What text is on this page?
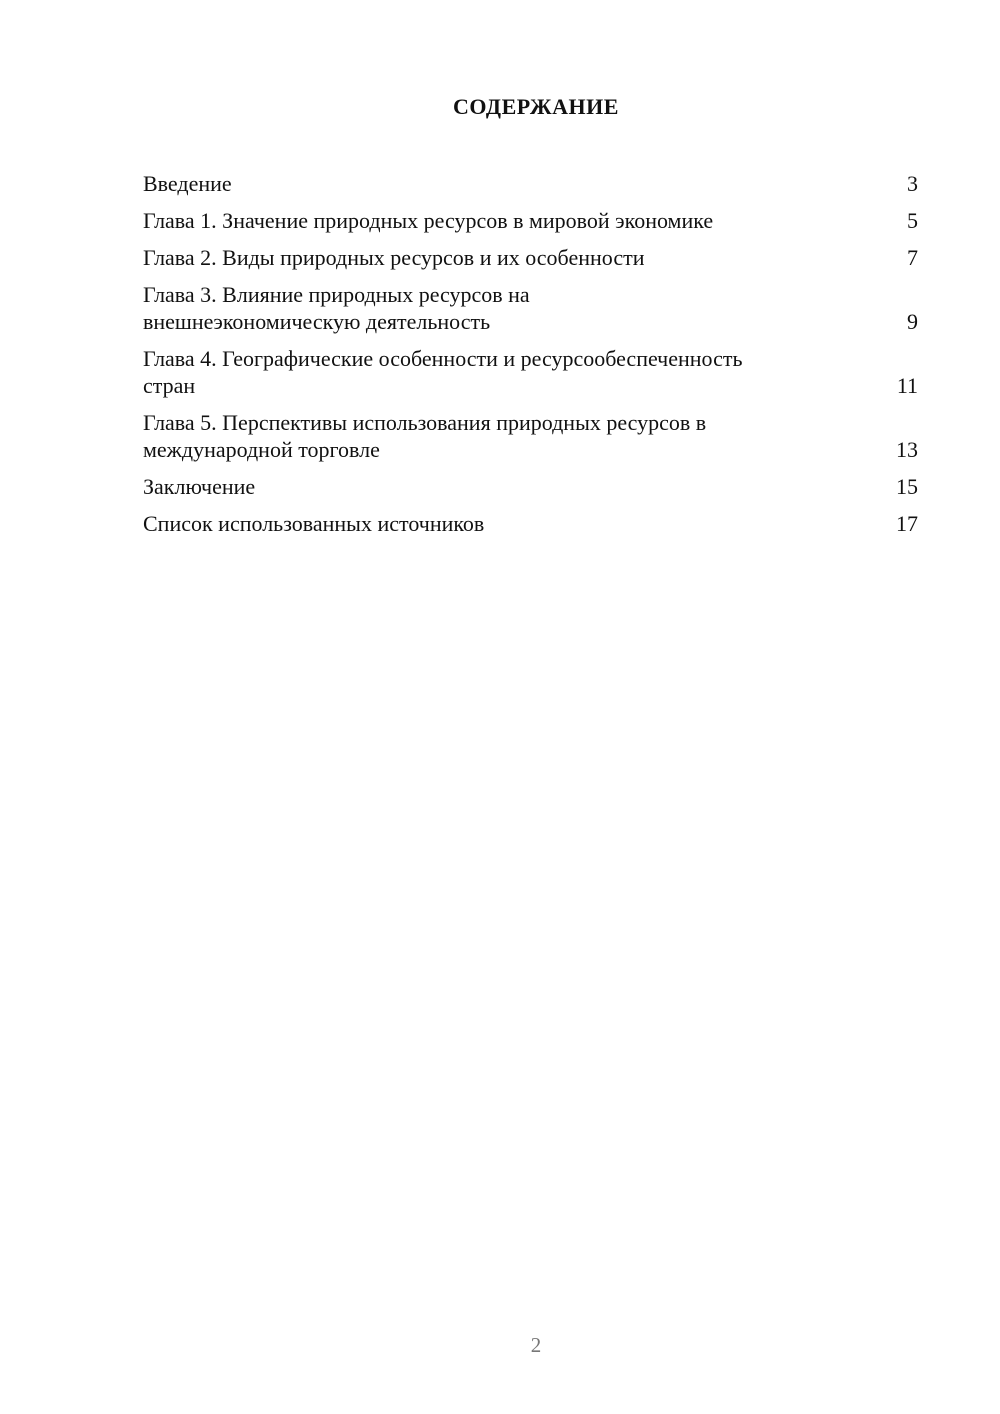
СОДЕРЖАНИЕ
Введение	3
Глава 1. Значение природных ресурсов в мировой экономике	5
Глава 2. Виды природных ресурсов и их особенности	7
Глава 3. Влияние природных ресурсов на
внешнеэкономическую деятельность	9
Глава 4. Географические особенности и ресурсообеспеченность
стран	11
Глава 5. Перспективы использования природных ресурсов в
международной торговле	13
Заключение	15
Список использованных источников	17
2
